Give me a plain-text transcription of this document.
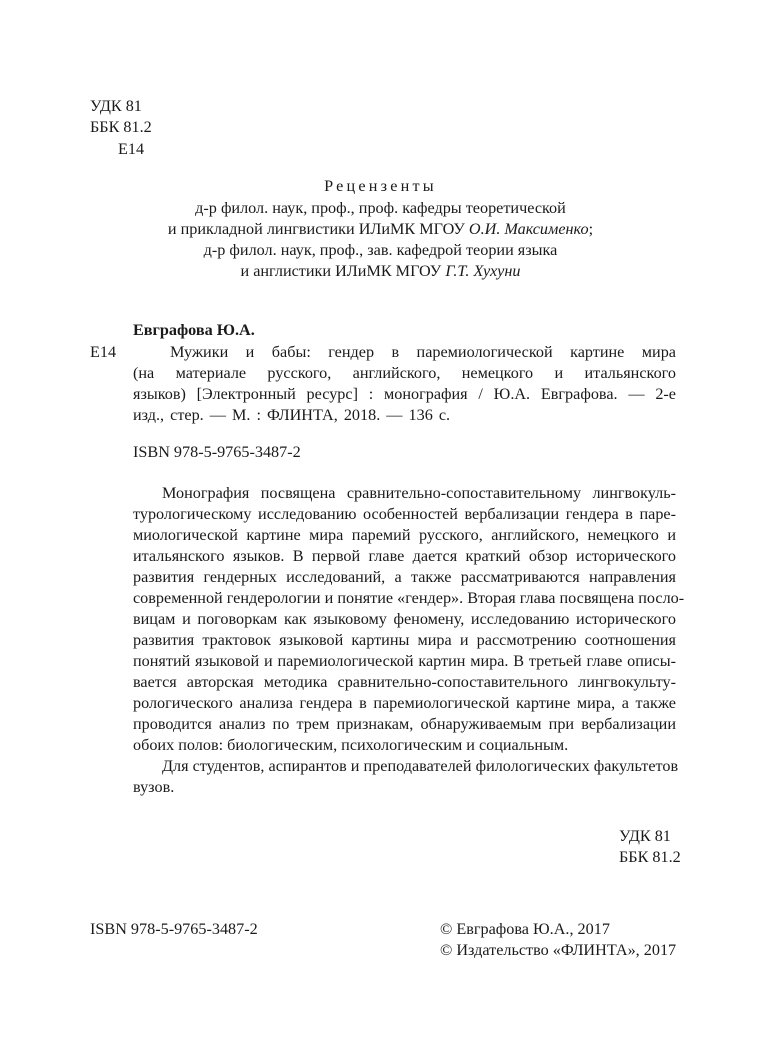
УДК 81
ББК 81.2
Е14
Рецензенты
д-р филол. наук, проф., проф. кафедры теоретической
и прикладной лингвистики ИЛиМК МГОУ О.И. Максименко;
д-р филол. наук, проф., зав. кафедрой теории языка
и англистики ИЛиМК МГОУ Г.Т. Хухуни
Евграфова Ю.А.
Е14	Мужики и бабы: гендер в паремиологической картине мира
(на материале русского, английского, немецкого и итальянского
языков) [Электронный ресурс] : монография / Ю.А. Евграфова. — 2-е
изд., стер. — М. : ФЛИНТА, 2018. — 136 с.
ISBN 978-5-9765-3487-2
Монография посвящена сравнительно-сопоставительному лингвокуль-
турологическому исследованию особенностей вербализации гендера в паре-
миологической картине мира паремий русского, английского, немецкого и
итальянского языков. В первой главе дается краткий обзор исторического
развития гендерных исследований, а также рассматриваются направления
современной гендерологии и понятие «гендер». Вторая глава посвящена посло-
вицам и поговоркам как языковому феномену, исследованию исторического
развития трактовок языковой картины мира и рассмотрению соотношения
понятий языковой и паремиологической картин мира. В третьей главе описы-
вается авторская методика сравнительно-сопоставительного лингвокульту-
рологического анализа гендера в паремиологической картине мира, а также
проводится анализ по трем признакам, обнаруживаемым при вербализации
обоих полов: биологическим, психологическим и социальным.
Для студентов, аспирантов и преподавателей филологических факультетов
вузов.
УДК 81
ББК 81.2
ISBN 978-5-9765-3487-2	© Евграфова Ю.А., 2017
© Издательство «ФЛИНТА», 2017
